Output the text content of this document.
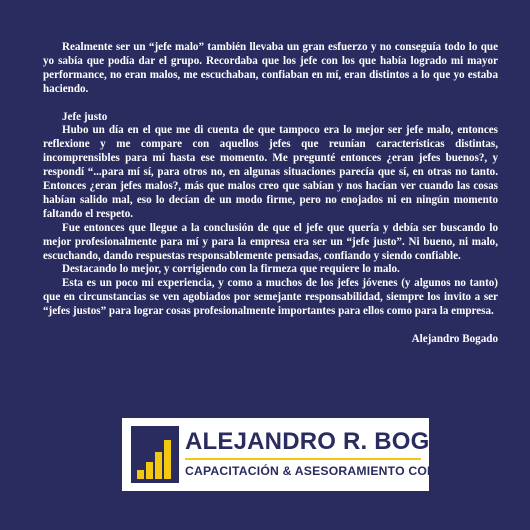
Realmente ser un “jefe malo” también llevaba un gran esfuerzo y no conseguía todo lo que yo sabía que podía dar el grupo. Recordaba que los jefe con los que había logrado mi mayor performance, no eran malos, me escuchaban, confiaban en mí, eran distintos a lo que yo estaba haciendo.

Jefe justo

Hubo un día en el que me di cuenta de que tampoco era lo mejor ser jefe malo, entonces reflexione y me compare con aquellos jefes que reunían características distintas, incomprensibles para mí hasta ese momento. Me pregunté entonces ¿eran jefes buenos?, y respondí “...para mí sí, para otros no, en algunas situaciones parecía que sí, en otras no tanto. Entonces ¿eran jefes malos?, más que malos creo que sabían y nos hacían ver cuando las cosas habían salido mal, eso lo decían de un modo firme, pero no enojados ni en ningún momento faltando el respeto.

Fue entonces que llegue a la conclusión de que el jefe que quería y debía ser buscando lo mejor profesionalmente para mí y para la empresa era ser un “jefe justo”. Ni bueno, ni malo, escuchando, dando respuestas responsablemente pensadas, confiando y siendo confiable.

Destacando lo mejor, y corrigiendo con la firmeza que requiere lo malo.

Esta es un poco mi experiencia, y como a muchos de los jefes jóvenes (y algunos no tanto) que en circunstancias se ven agobiados por semejante responsabilidad, siempre los invito a ser “jefes justos” para lograr cosas profesionalmente importantes para ellos como para la empresa.

Alejandro Bogado

ALEJANDRO R. BOGADO
CAPACITACIÓN & ASESORAMIENTO COMERCIAL
